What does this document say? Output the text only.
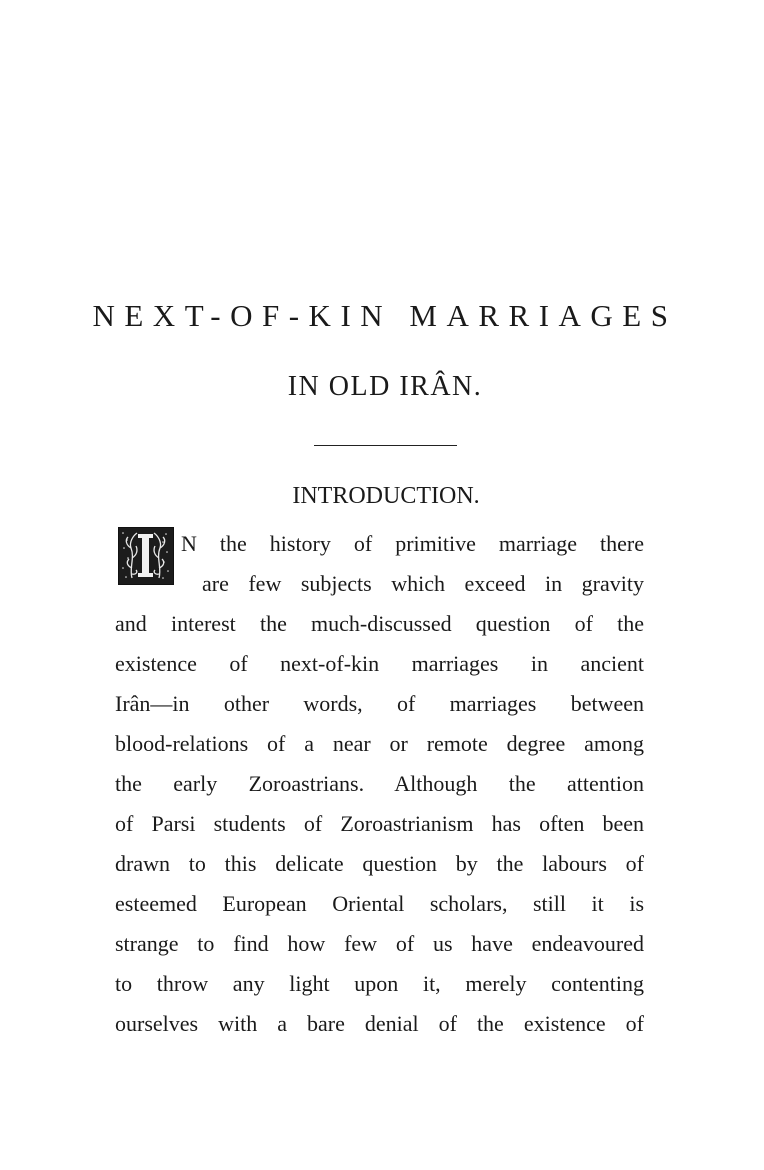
NEXT-OF-KIN MARRIAGES
IN OLD IRÂN.
INTRODUCTION.
N the history of primitive marriage there
are few subjects which exceed in gravity
and interest the much-discussed question of the
existence of next-of-kin marriages in ancient
Irân—in other words, of marriages between
blood-relations of a near or remote degree among
the early Zoroastrians. Although the attention
of Parsi students of Zoroastrianism has often been
drawn to this delicate question by the labours of
esteemed European Oriental scholars, still it is
strange to find how few of us have endeavoured
to throw any light upon it, merely contenting
ourselves with a bare denial of the existence of
